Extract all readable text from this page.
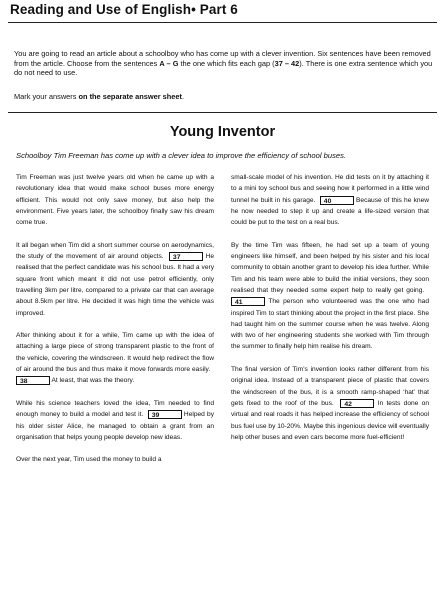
Reading and Use of English• Part 6
You are going to read an article about a schoolboy who has come up with a clever invention. Six sentences have been removed from the article. Choose from the sentences A – G the one which fits each gap (37 – 42). There is one extra sentence which you do not need to use.
Mark your answers on the separate answer sheet.
Young Inventor
Schoolboy Tim Freeman has come up with a clever idea to improve the efficiency of school buses.

Tim Freeman was just twelve years old when he came up with a revolutionary idea that would make school buses more energy efficient. This would not only save money, but also help the environment. Five years later, the schoolboy finally saw his dream come true.

It all began when Tim did a short summer course on aerodynamics, the study of the movement of air around objects. 37	He realised that the perfect candidate was his school bus. It had a very square front which meant it did not use petrol efficiently, only travelling 3km per litre, compared to a private car that can average about 8.5km per litre. He decided it was high time the vehicle was improved.

After thinking about it for a while, Tim came up with the idea of attaching a large piece of strong transparent plastic to the front of the vehicle, covering the windscreen. It would help redirect the flow of air around the bus and thus make it move forwards more easily.  38	At least, that was the theory.

While his science teachers loved the idea, Tim needed to find enough money to build a model and test it. 39	Helped by his older sister Alice, he managed to obtain a grant from an organisation that helps young people develop new ideas.

Over the next year, Tim used the money to build a

small-scale model of his invention. He did tests on it by attaching it to a mini toy school bus and seeing how it performed in a little wind tunnel he built in his garage. 40	Because of this he knew he now needed to step it up and create a life-sized version that could be put to the test on a real bus.

By the time Tim was fifteen, he had set up a team of young engineers like himself, and been helped by his sister and his local community to obtain another grant to develop his idea further. While Tim and his team were able to build the initial versions, they soon realised that they needed some expert help to really get going.  41	The person who volunteered was the one who had inspired Tim to start thinking about the project in the first place. She had taught him on the summer course when he was twelve. Along with two of her engineering students she worked with Tim through the summer to finally help him realise his dream.

The final version of Tim’s invention looks rather different from his original idea. Instead of a transparent piece of plastic that covers the windscreen of the bus, it is a smooth ramp-shaped ‘hat’ that gets fixed to the roof of the bus. 42	In tests done on virtual and real roads it has helped increase the efficiency of school bus fuel use by 10-20%. Maybe this ingenious device will eventually help other buses and even cars become more fuel-efficient!
